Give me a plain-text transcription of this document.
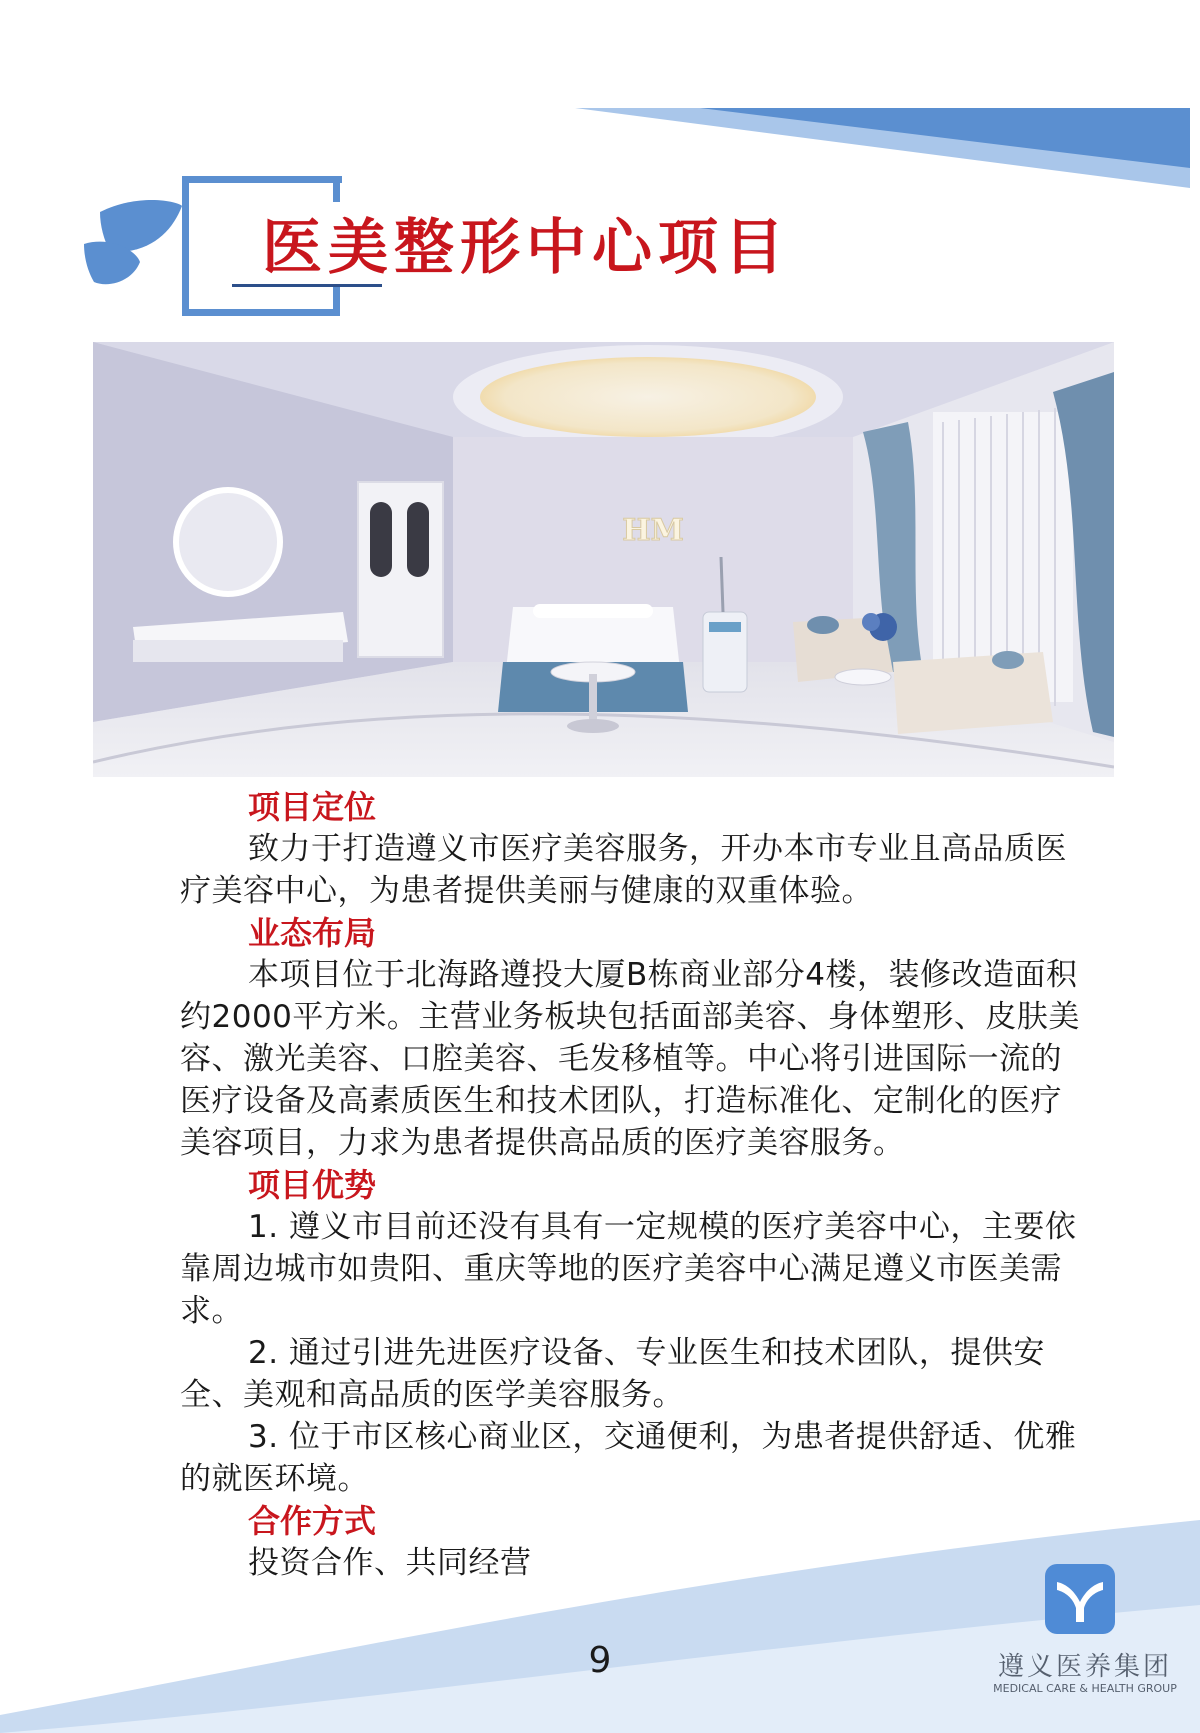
医美整形中心项目
HM
项目定位

致力于打造遵义市医疗美容服务，开办本市专业且高品质医疗美容中心，为患者提供美丽与健康的双重体验。

业态布局

本项目位于北海路遵投大厦B栋商业部分4楼，装修改造面积约2000平方米。主营业务板块包括面部美容、身体塑形、皮肤美容、激光美容、口腔美容、毛发移植等。中心将引进国际一流的医疗设备及高素质医生和技术团队，打造标准化、定制化的医疗美容项目，力求为患者提供高品质的医疗美容服务。

项目优势

1. 遵义市目前还没有具有一定规模的医疗美容中心，主要依靠周边城市如贵阳、重庆等地的医疗美容中心满足遵义市医美需求。

2. 通过引进先进医疗设备、专业医生和技术团队，提供安全、美观和高品质的医学美容服务。

3. 位于市区核心商业区，交通便利，为患者提供舒适、优雅的就医环境。

合作方式

投资合作、共同经营

9	遵义医养集团
MEDICAL CARE & HEALTH GROUP
